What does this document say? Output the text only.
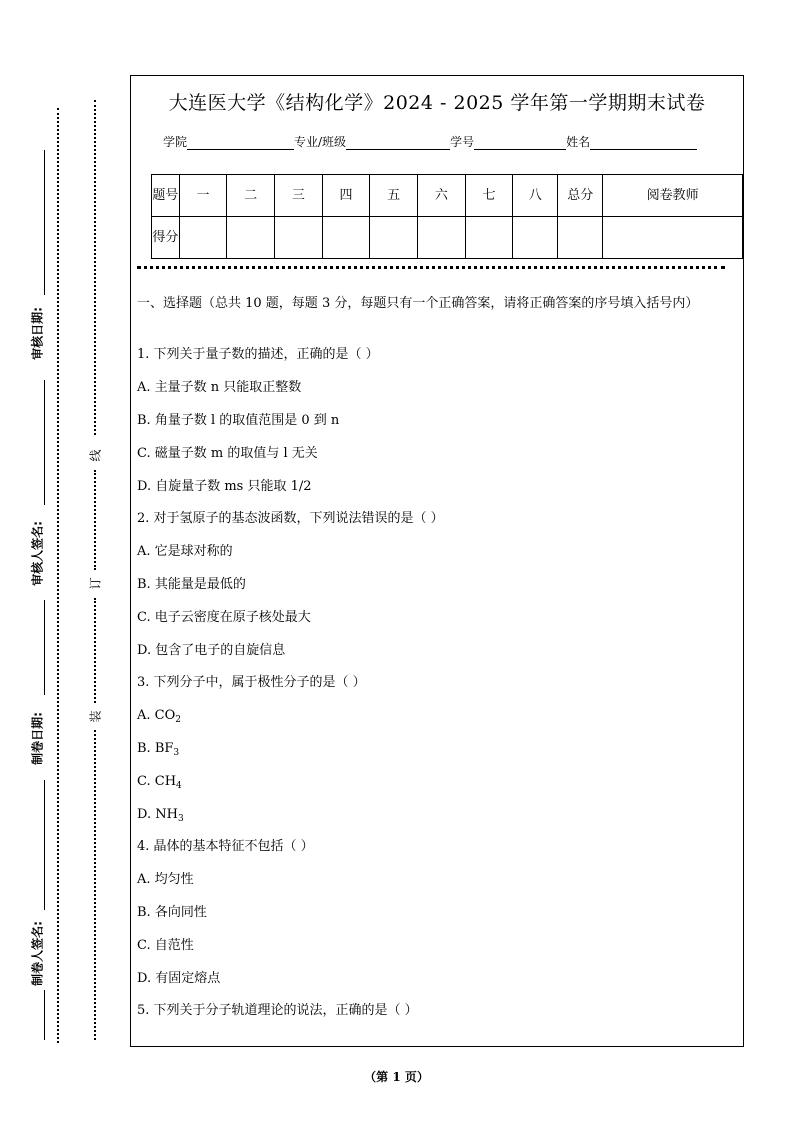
审核日期:
审核人签名:
制卷日期:
制卷人签名:
线
订
装
大连医大学《结构化学》2024 - 2025 学年第一学期期末试卷
学院	专业/班级	学号	姓名
题号	一	二	三	四	五	六	七	八	总分	阅卷教师
得分										
一、选择题（总共 10 题，每题 3 分，每题只有一个正确答案，请将正确答案的序号填入括号内）
1. 下列关于量子数的描述，正确的是（ ）
A. 主量子数 n 只能取正整数
B. 角量子数 l 的取值范围是 0 到 n
C. 磁量子数 m 的取值与 l 无关
D. 自旋量子数 ms 只能取 1/2
2. 对于氢原子的基态波函数，下列说法错误的是（ ）
A. 它是球对称的
B. 其能量是最低的
C. 电子云密度在原子核处最大
D. 包含了电子的自旋信息
3. 下列分子中，属于极性分子的是（ ）
A. $CO_2$
B. $BF_3$
C. $CH_4$
D. $NH_3$
4. 晶体的基本特征不包括（ ）
A. 均匀性
B. 各向同性
C. 自范性
D. 有固定熔点
5. 下列关于分子轨道理论的说法，正确的是（ ）
（第 1 页）
